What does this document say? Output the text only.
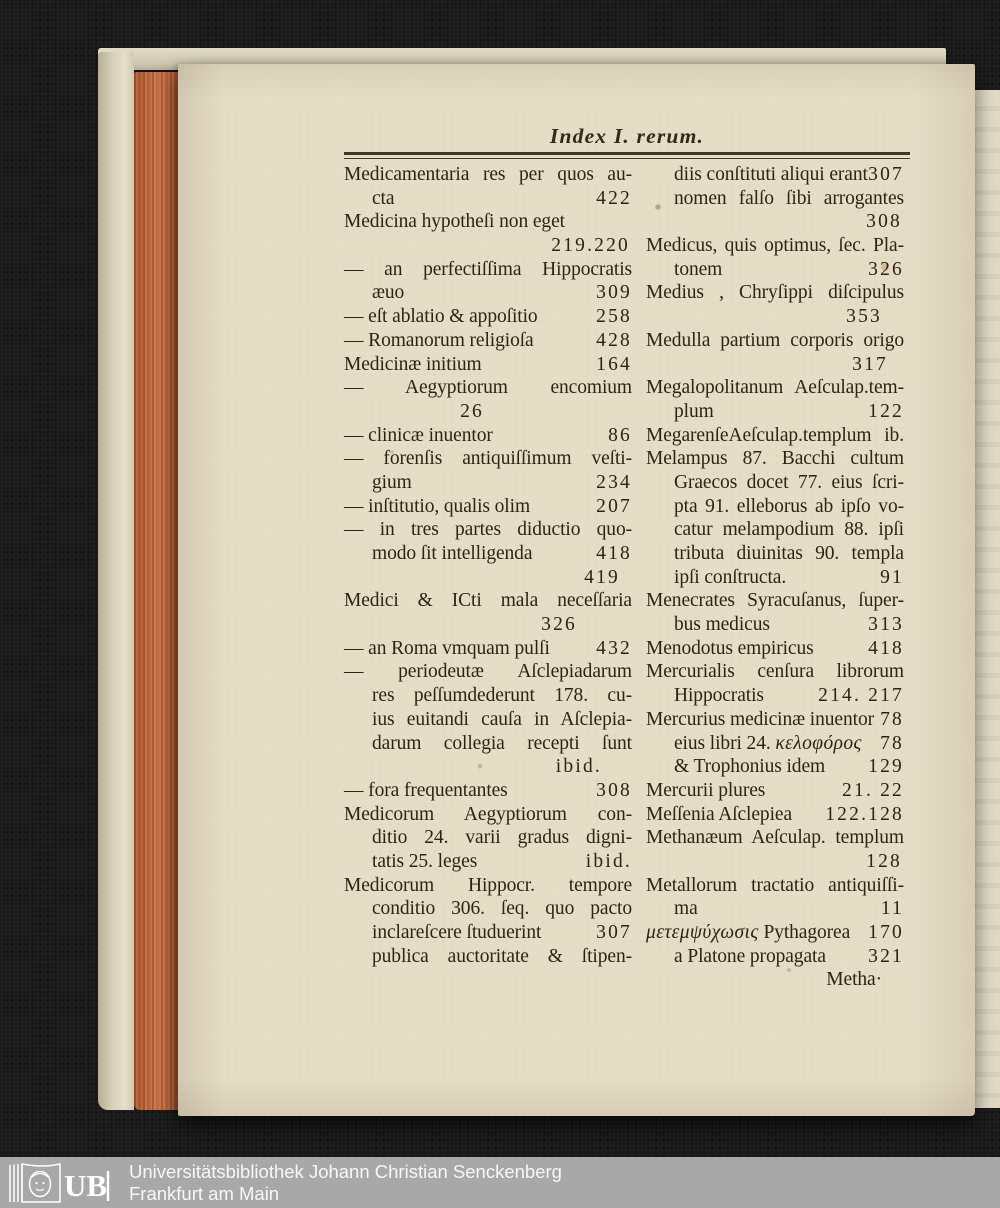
Index I. rerum.
Medicamentaria res per quos au-
cta	422
Medicina hypotheſi non eget
219.220
— an perfectiſſima Hippocratis
æuo	309
— eſt ablatio & appoſitio	258
— Romanorum religioſa	428
Medicinæ initium	164
— Aegyptiorum encomium
26
— clinicæ inuentor	86
— forenſis antiquiſſimum veſti-
gium	234
— inſtitutio, qualis olim	207
— in tres partes diductio quo-
modo ſit intelligenda	418
419
Medici & ICti mala neceſſaria
326
— an Roma vmquam pulſi 432
— periodeutæ Aſclepiadarum
res peſſumdederunt 178. cu-
ius euitandi cauſa in Aſclepia-
darum collegia recepti ſunt
ibid.
— fora frequentantes	308
Medicorum Aegyptiorum con-
ditio 24. varii gradus digni-
tatis 25. leges	ibid.
Medicorum Hippocr. tempore
conditio 306. ſeq. quo pacto
inclareſcere ſtuduerint	307
publica auctoritate & ſtipen-
diis conſtituti aliqui erant 307
nomen falſo ſibi arrogantes
308
Medicus, quis optimus, ſec. Pla-
tonem	326
Medius , Chryſippi diſcipulus
353
Medulla partium corporis origo
317
Megalopolitanum Aeſculap.tem-
plum	122
MegarenſeAeſculap.templum ib.
Melampus 87. Bacchi cultum
Graecos docet 77. eius ſcri-
pta 91. elleborus ab ipſo vo-
catur melampodium 88. ipſi
tributa diuinitas 90. templa
ipſi conſtructa.	91
Menecrates Syracuſanus, ſuper-
bus medicus	313
Menodotus empiricus	418
Mercurialis cenſura librorum
Hippocratis	214. 217
Mercurius medicinæ inuentor 78
eius libri 24. κελοφόρος 78
& Trophonius idem 129
Mercurii plures	21. 22
Meſſenia Aſclepiea 122.128
Methanæum Aeſculap. templum
128
Metallorum tractatio antiquiſſi-
ma	11
μετεμψύχωσις Pythagorea 170
a Platone propagata 321
Metha·
UB Universitätsbibliothek Johann Christian Senckenberg
Frankfurt am Main
